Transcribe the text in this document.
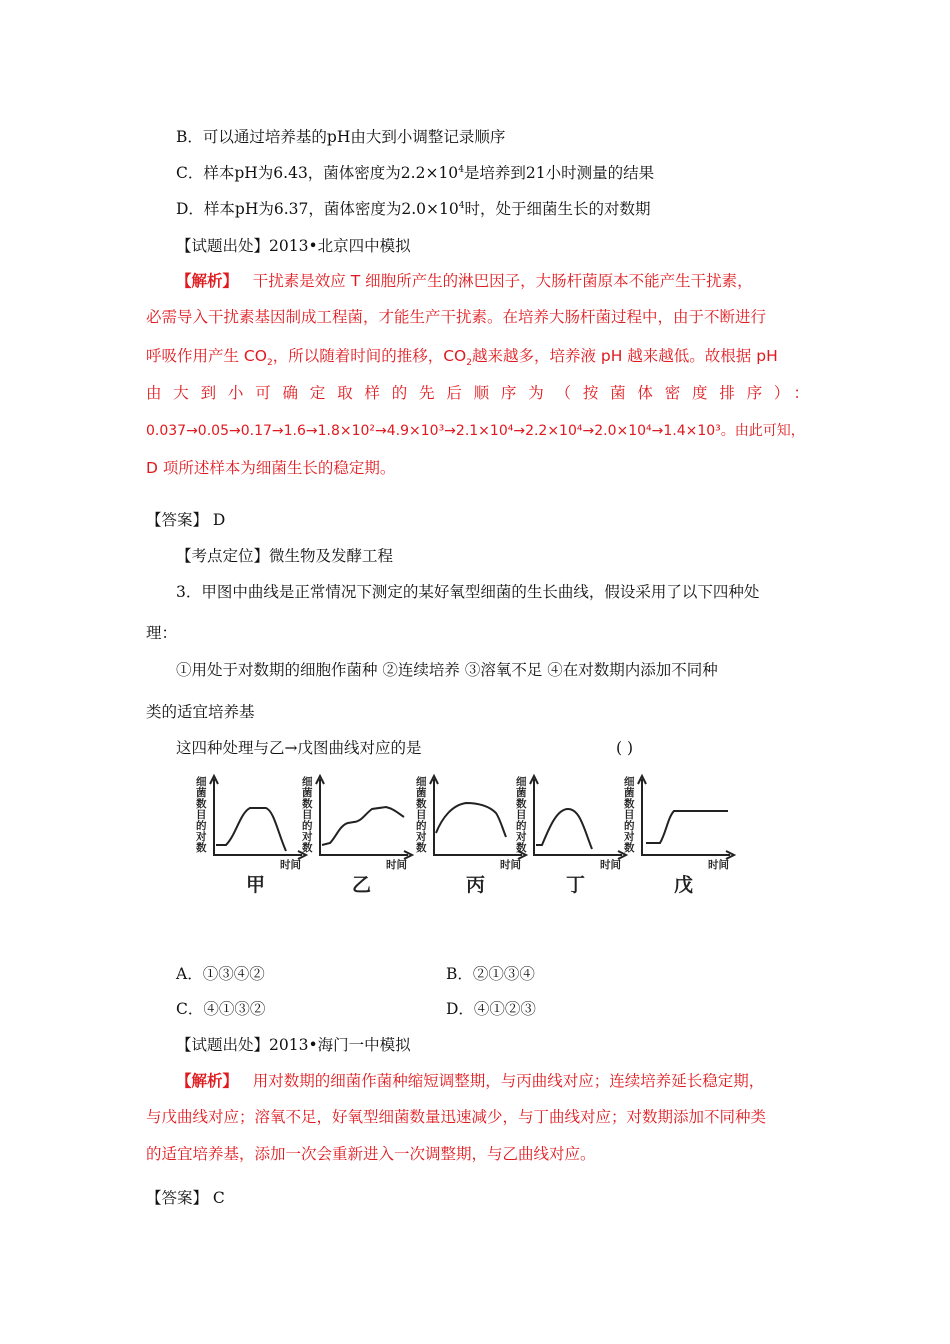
B．可以通过培养基的pH由大到小调整记录顺序
C．样本pH为6.43，菌体密度为$2.2\times 10^4$是培养到21小时测量的结果
D．样本pH为6.37，菌体密度为$2.0\times 10^4$时，处于细菌生长的对数期
【试题出处】2013•北京四中模拟
【解析】 干扰素是效应 T 细胞所产生的淋巴因子，大肠杆菌原本不能产生干扰素，
必需导入干扰素基因制成工程菌，才能生产干扰素。在培养大肠杆菌过程中，由于不断进行
呼吸作用产生 $CO_2$，所以随着时间的推移，$CO_2$越来越多，培养液 pH 越来越低。故根据 pH
由大到小可确定取样的先后顺序为（按菌体密度排序）：
0.037→0.05→0.17→1.6→1.8×10²→4.9×10³→2.1×10⁴→2.2×10⁴→2.0×10⁴→1.4×10³。由此可知，
D 项所述样本为细菌生长的稳定期。
【答案】 D
【考点定位】微生物及发酵工程
3．甲图中曲线是正常情况下测定的某好氧型细菌的生长曲线，假设采用了以下四种处
理：
①用处于对数期的细胞作菌种 ②连续培养 ③溶氧不足 ④在对数期内添加不同种
类的适宜培养基
这四种处理与乙→戊图曲线对应的是	( )
细
菌
数
目
的
对
数
时间
甲
细
菌
数
目
的
对
数
时间
乙
细
菌
数
目
的
对
数
时间
丙
细
菌
数
目
的
对
数
时间
丁
细
菌
数
目
的
对
数
时间
戊
A．①③④②	B．②①③④
C．④①③②	D．④①②③
【试题出处】2013•海门一中模拟
【解析】 用对数期的细菌作菌种缩短调整期，与丙曲线对应；连续培养延长稳定期，
与戊曲线对应；溶氧不足，好氧型细菌数量迅速减少，与丁曲线对应；对数期添加不同种类
的适宜培养基，添加一次会重新进入一次调整期，与乙曲线对应。
【答案】 C
